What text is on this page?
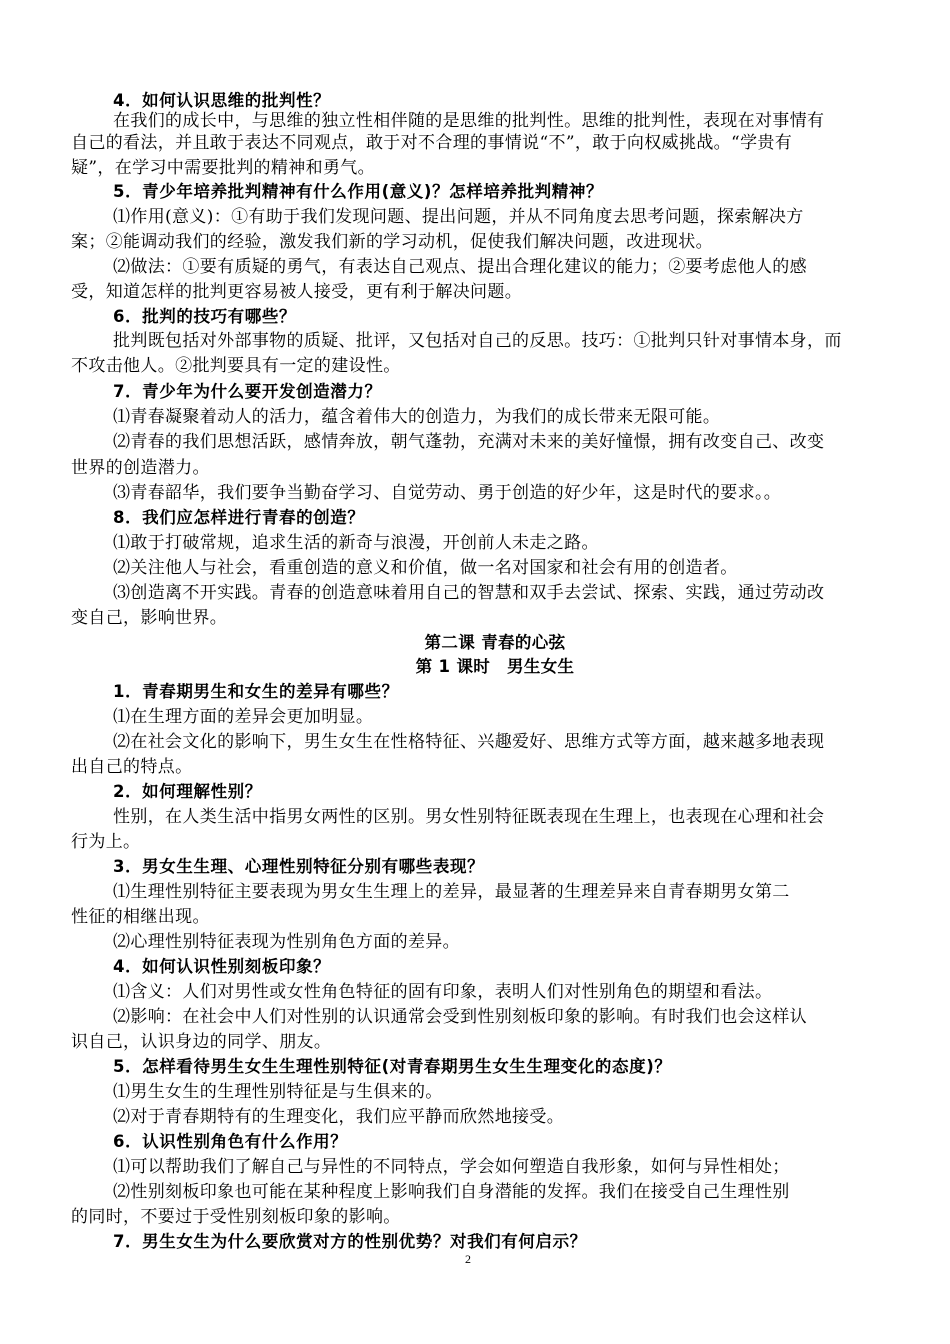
4．如何认识思维的批判性？
在我们的成长中，与思维的独立性相伴随的是思维的批判性。思维的批判性，表现在对事情有
自己的看法，并且敢于表达不同观点，敢于对不合理的事情说“不”，敢于向权威挑战。“学贵有
疑”，在学习中需要批判的精神和勇气。
5．青少年培养批判精神有什么作用(意义)？怎样培养批判精神？
⑴作用(意义)：①有助于我们发现问题、提出问题，并从不同角度去思考问题，探索解决方
案；②能调动我们的经验，激发我们新的学习动机，促使我们解决问题，改进现状。
⑵做法：①要有质疑的勇气，有表达自己观点、提出合理化建议的能力；②要考虑他人的感
受，知道怎样的批判更容易被人接受，更有利于解决问题。
6．批判的技巧有哪些？
批判既包括对外部事物的质疑、批评，又包括对自己的反思。技巧：①批判只针对事情本身，而
不攻击他人。②批判要具有一定的建设性。
7．青少年为什么要开发创造潜力？
⑴青春凝聚着动人的活力，蕴含着伟大的创造力，为我们的成长带来无限可能。
⑵青春的我们思想活跃，感情奔放，朝气蓬勃，充满对未来的美好憧憬，拥有改变自己、改变
世界的创造潜力。
⑶青春韶华，我们要争当勤奋学习、自觉劳动、勇于创造的好少年，这是时代的要求。。
8．我们应怎样进行青春的创造？
⑴敢于打破常规，追求生活的新奇与浪漫，开创前人未走之路。
⑵关注他人与社会，看重创造的意义和价值，做一名对国家和社会有用的创造者。
⑶创造离不开实践。青春的创造意味着用自己的智慧和双手去尝试、探索、实践，通过劳动改
变自己，影响世界。
第二课 青春的心弦
第 1 课时　男生女生
1．青春期男生和女生的差异有哪些？
⑴在生理方面的差异会更加明显。
⑵在社会文化的影响下，男生女生在性格特征、兴趣爱好、思维方式等方面，越来越多地表现
出自己的特点。
2．如何理解性别？
性别，在人类生活中指男女两性的区别。男女性别特征既表现在生理上，也表现在心理和社会
行为上。
3．男女生生理、心理性别特征分别有哪些表现？
⑴生理性别特征主要表现为男女生生理上的差异，最显著的生理差异来自青春期男女第二
性征的相继出现。
⑵心理性别特征表现为性别角色方面的差异。
4．如何认识性别刻板印象？
⑴含义：人们对男性或女性角色特征的固有印象，表明人们对性别角色的期望和看法。
⑵影响：在社会中人们对性别的认识通常会受到性别刻板印象的影响。有时我们也会这样认
识自己，认识身边的同学、朋友。
5．怎样看待男生女生生理性别特征(对青春期男生女生生理变化的态度)？
⑴男生女生的生理性别特征是与生俱来的。
⑵对于青春期特有的生理变化，我们应平静而欣然地接受。
6．认识性别角色有什么作用？
⑴可以帮助我们了解自己与异性的不同特点，学会如何塑造自我形象，如何与异性相处；
⑵性别刻板印象也可能在某种程度上影响我们自身潜能的发挥。我们在接受自己生理性别
的同时，不要过于受性别刻板印象的影响。
7．男生女生为什么要欣赏对方的性别优势？对我们有何启示？
2
